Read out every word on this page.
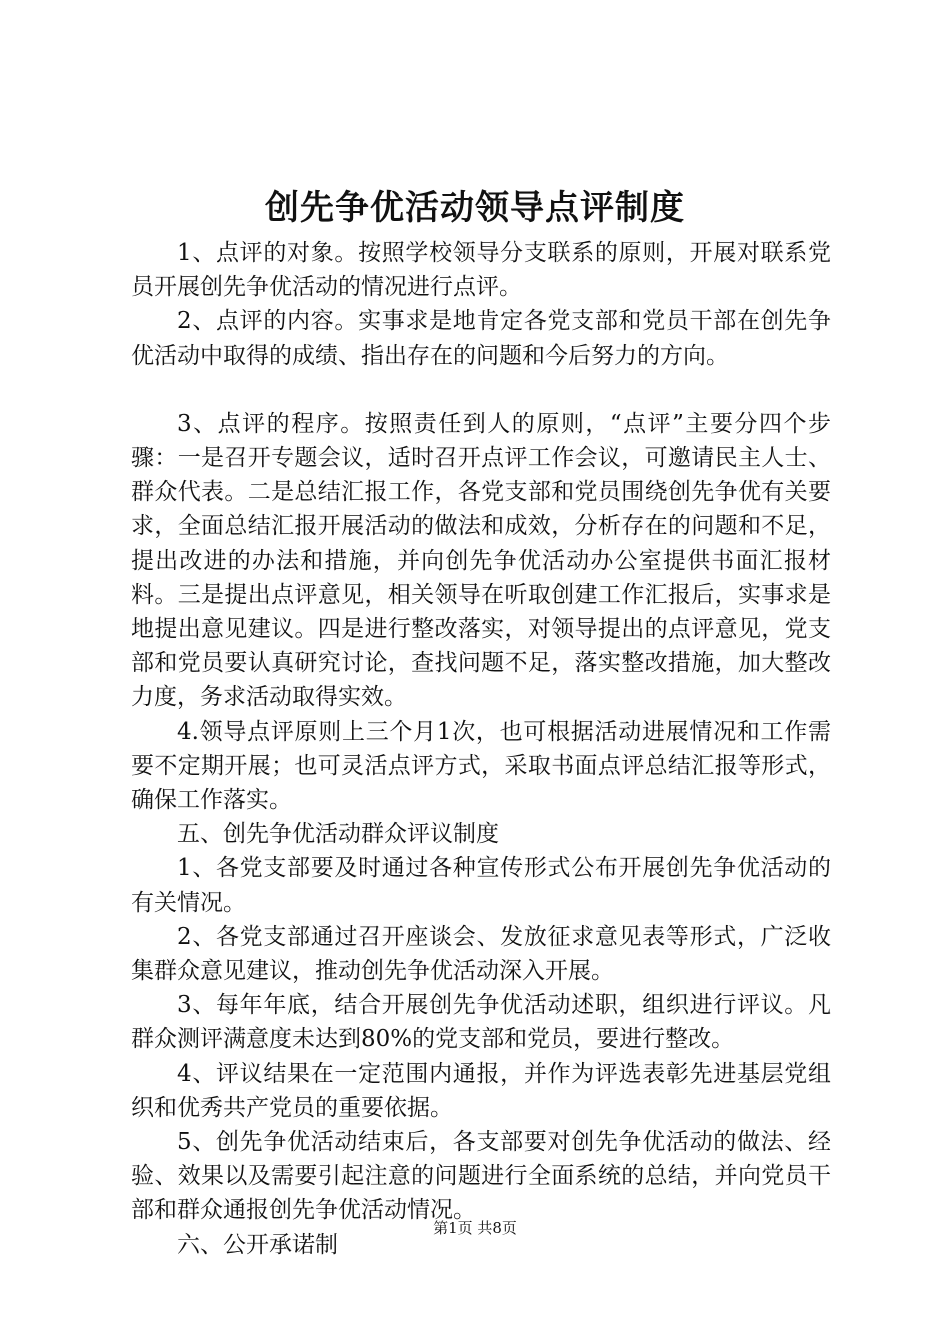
创先争优活动领导点评制度

1、点评的对象。按照学校领导分支联系的原则，开展对联系党员开展创先争优活动的情况进行点评。

2、点评的内容。实事求是地肯定各党支部和党员干部在创先争优活动中取得的成绩、指出存在的问题和今后努力的方向。

3、点评的程序。按照责任到人的原则，“点评”主要分四个步骤：一是召开专题会议，适时召开点评工作会议，可邀请民主人士、群众代表。二是总结汇报工作，各党支部和党员围绕创先争优有关要求，全面总结汇报开展活动的做法和成效，分析存在的问题和不足，提出改进的办法和措施，并向创先争优活动办公室提供书面汇报材料。三是提出点评意见，相关领导在听取创建工作汇报后，实事求是地提出意见建议。四是进行整改落实，对领导提出的点评意见，党支部和党员要认真研究讨论，查找问题不足，落实整改措施，加大整改力度，务求活动取得实效。

4.领导点评原则上三个月1次，也可根据活动进展情况和工作需要不定期开展；也可灵活点评方式，采取书面点评总结汇报等形式，确保工作落实。

五、创先争优活动群众评议制度

1、各党支部要及时通过各种宣传形式公布开展创先争优活动的有关情况。

2、各党支部通过召开座谈会、发放征求意见表等形式，广泛收集群众意见建议，推动创先争优活动深入开展。

3、每年年底，结合开展创先争优活动述职，组织进行评议。凡群众测评满意度未达到80%的党支部和党员，要进行整改。

4、评议结果在一定范围内通报，并作为评选表彰先进基层党组织和优秀共产党员的重要依据。

5、创先争优活动结束后，各支部要对创先争优活动的做法、经验、效果以及需要引起注意的问题进行全面系统的总结，并向党员干部和群众通报创先争优活动情况。

六、公开承诺制

第1页 共8页
